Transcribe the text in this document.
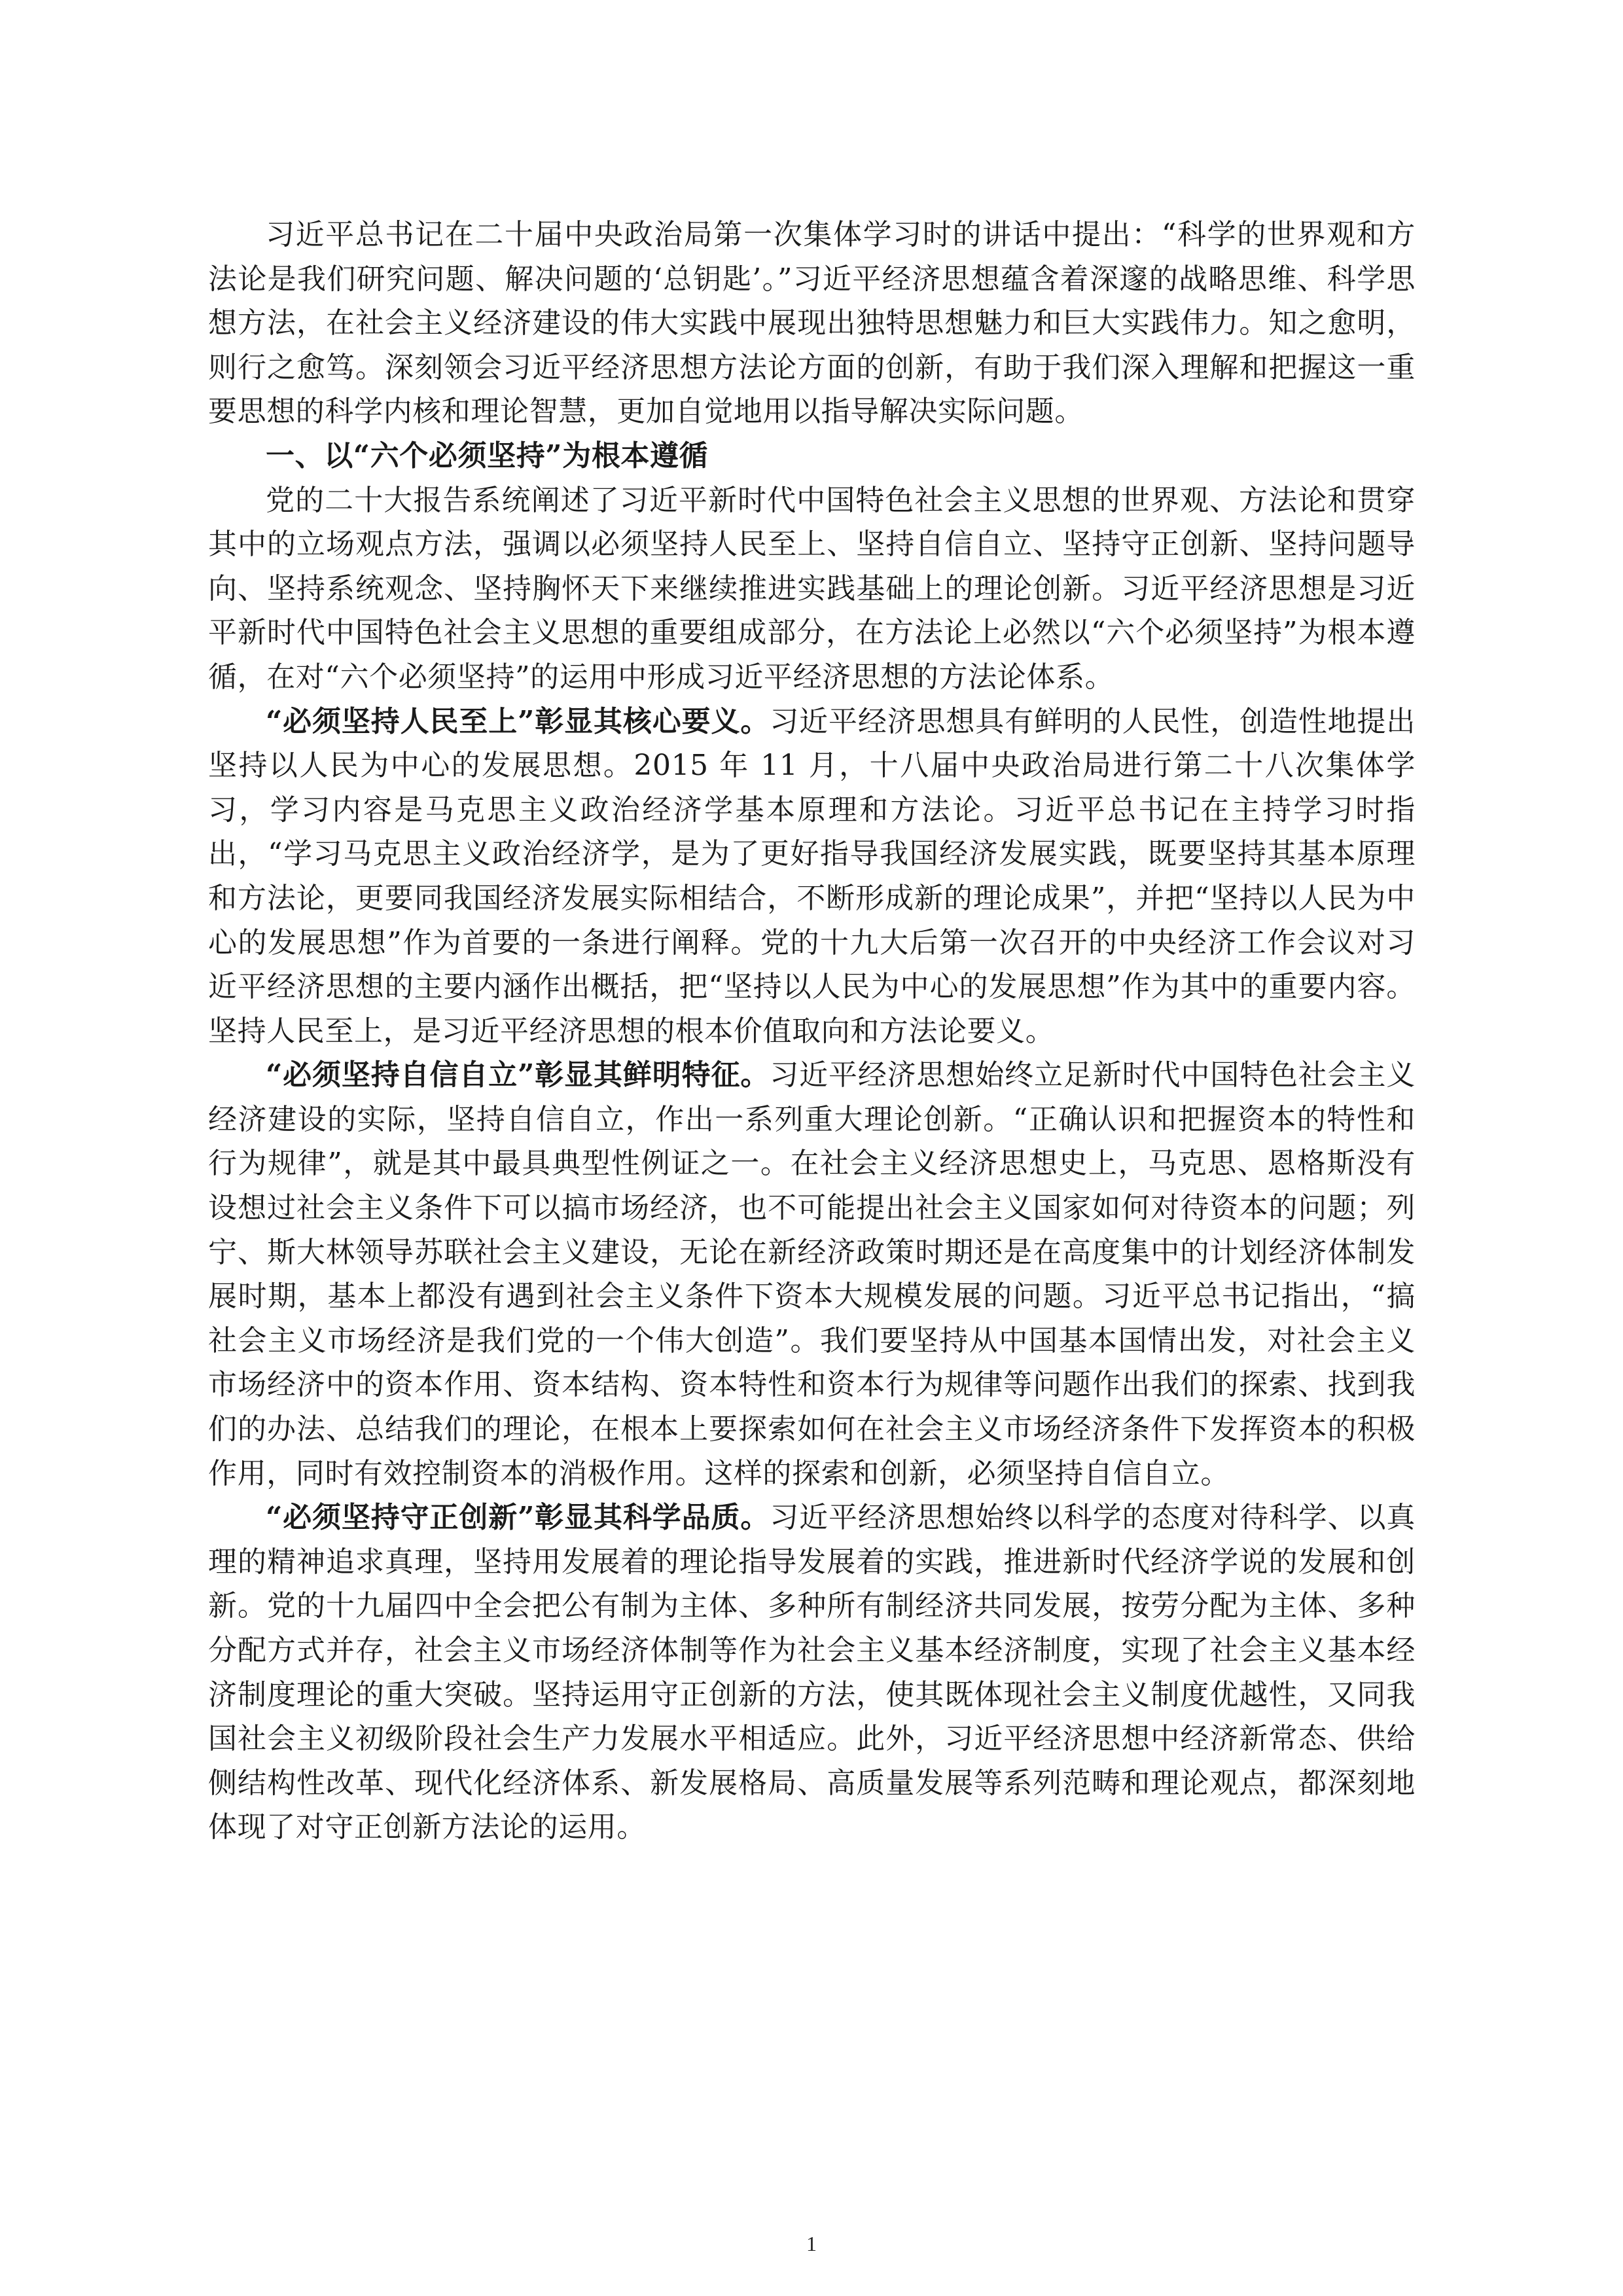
习近平总书记在二十届中央政治局第一次集体学习时的讲话中提出：“科学的世界观和方法论是我们研究问题、解决问题的‘总钥匙’。”习近平经济思想蕴含着深邃的战略思维、科学思想方法，在社会主义经济建设的伟大实践中展现出独特思想魅力和巨大实践伟力。知之愈明，则行之愈笃。深刻领会习近平经济思想方法论方面的创新，有助于我们深入理解和把握这一重要思想的科学内核和理论智慧，更加自觉地用以指导解决实际问题。

一、以“六个必须坚持”为根本遵循

党的二十大报告系统阐述了习近平新时代中国特色社会主义思想的世界观、方法论和贯穿其中的立场观点方法，强调以必须坚持人民至上、坚持自信自立、坚持守正创新、坚持问题导向、坚持系统观念、坚持胸怀天下来继续推进实践基础上的理论创新。习近平经济思想是习近平新时代中国特色社会主义思想的重要组成部分，在方法论上必然以“六个必须坚持”为根本遵循，在对“六个必须坚持”的运用中形成习近平经济思想的方法论体系。

“必须坚持人民至上”彰显其核心要义。习近平经济思想具有鲜明的人民性，创造性地提出坚持以人民为中心的发展思想。2015 年 11 月，十八届中央政治局进行第二十八次集体学习，学习内容是马克思主义政治经济学基本原理和方法论。习近平总书记在主持学习时指出，“学习马克思主义政治经济学，是为了更好指导我国经济发展实践，既要坚持其基本原理和方法论，更要同我国经济发展实际相结合，不断形成新的理论成果”，并把“坚持以人民为中心的发展思想”作为首要的一条进行阐释。党的十九大后第一次召开的中央经济工作会议对习近平经济思想的主要内涵作出概括，把“坚持以人民为中心的发展思想”作为其中的重要内容。坚持人民至上，是习近平经济思想的根本价值取向和方法论要义。

“必须坚持自信自立”彰显其鲜明特征。习近平经济思想始终立足新时代中国特色社会主义经济建设的实际，坚持自信自立，作出一系列重大理论创新。“正确认识和把握资本的特性和行为规律”，就是其中最具典型性例证之一。在社会主义经济思想史上，马克思、恩格斯没有设想过社会主义条件下可以搞市场经济，也不可能提出社会主义国家如何对待资本的问题；列宁、斯大林领导苏联社会主义建设，无论在新经济政策时期还是在高度集中的计划经济体制发展时期，基本上都没有遇到社会主义条件下资本大规模发展的问题。习近平总书记指出，“搞社会主义市场经济是我们党的一个伟大创造”。我们要坚持从中国基本国情出发，对社会主义市场经济中的资本作用、资本结构、资本特性和资本行为规律等问题作出我们的探索、找到我们的办法、总结我们的理论，在根本上要探索如何在社会主义市场经济条件下发挥资本的积极作用，同时有效控制资本的消极作用。这样的探索和创新，必须坚持自信自立。

“必须坚持守正创新”彰显其科学品质。习近平经济思想始终以科学的态度对待科学、以真理的精神追求真理，坚持用发展着的理论指导发展着的实践，推进新时代经济学说的发展和创新。党的十九届四中全会把公有制为主体、多种所有制经济共同发展，按劳分配为主体、多种分配方式并存，社会主义市场经济体制等作为社会主义基本经济制度，实现了社会主义基本经济制度理论的重大突破。坚持运用守正创新的方法，使其既体现社会主义制度优越性，又同我国社会主义初级阶段社会生产力发展水平相适应。此外，习近平经济思想中经济新常态、供给侧结构性改革、现代化经济体系、新发展格局、高质量发展等系列范畴和理论观点，都深刻地体现了对守正创新方法论的运用。

1
